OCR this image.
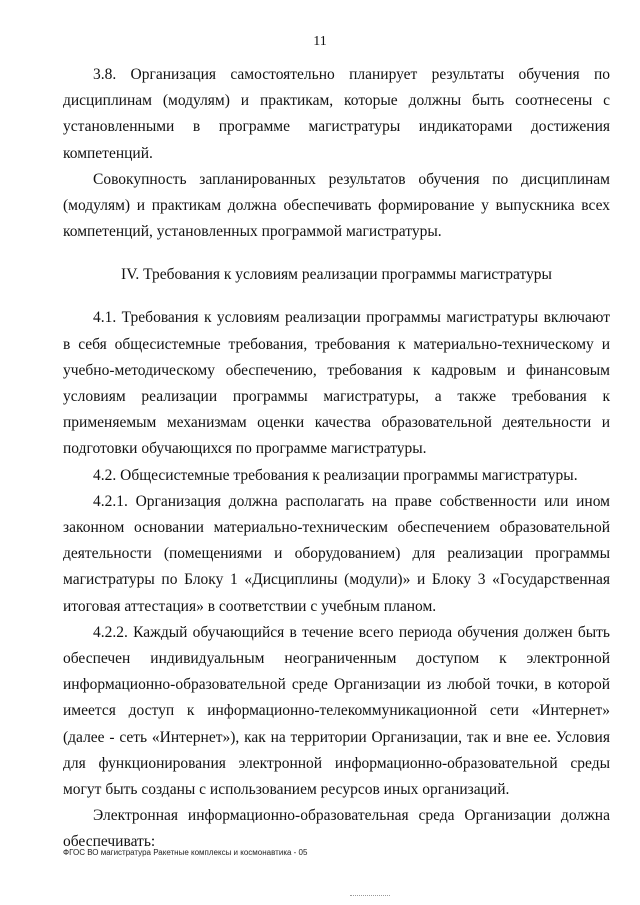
11

3.8. Организация самостоятельно планирует результаты обучения по дисциплинам (модулям) и практикам, которые должны быть соотнесены с установленными в программе магистратуры индикаторами достижения компетенций.

Совокупность запланированных результатов обучения по дисциплинам (модулям) и практикам должна обеспечивать формирование у выпускника всех компетенций, установленных программой магистратуры.

IV. Требования к условиям реализации программы магистратуры

4.1. Требования к условиям реализации программы магистратуры включают в себя общесистемные требования, требования к материально-техническому и учебно-методическому обеспечению, требования к кадровым и финансовым условиям реализации программы магистратуры, а также требования к применяемым механизмам оценки качества образовательной деятельности и подготовки обучающихся по программе магистратуры.

4.2. Общесистемные требования к реализации программы магистратуры.

4.2.1. Организация должна располагать на праве собственности или ином законном основании материально-техническим обеспечением образовательной деятельности (помещениями и оборудованием) для реализации программы магистратуры по Блоку 1 «Дисциплины (модули)» и Блоку 3 «Государственная итоговая аттестация» в соответствии с учебным планом.

4.2.2. Каждый обучающийся в течение всего периода обучения должен быть обеспечен индивидуальным неограниченным доступом к электронной информационно-образовательной среде Организации из любой точки, в которой имеется доступ к информационно-телекоммуникационной сети «Интернет» (далее - сеть «Интернет»), как на территории Организации, так и вне ее. Условия для функционирования электронной информационно-образовательной среды могут быть созданы с использованием ресурсов иных организаций.

Электронная информационно-образовательная среда Организации должна обеспечивать:

ФГОС ВО магистратура Ракетные комплексы и космонавтика - 05
